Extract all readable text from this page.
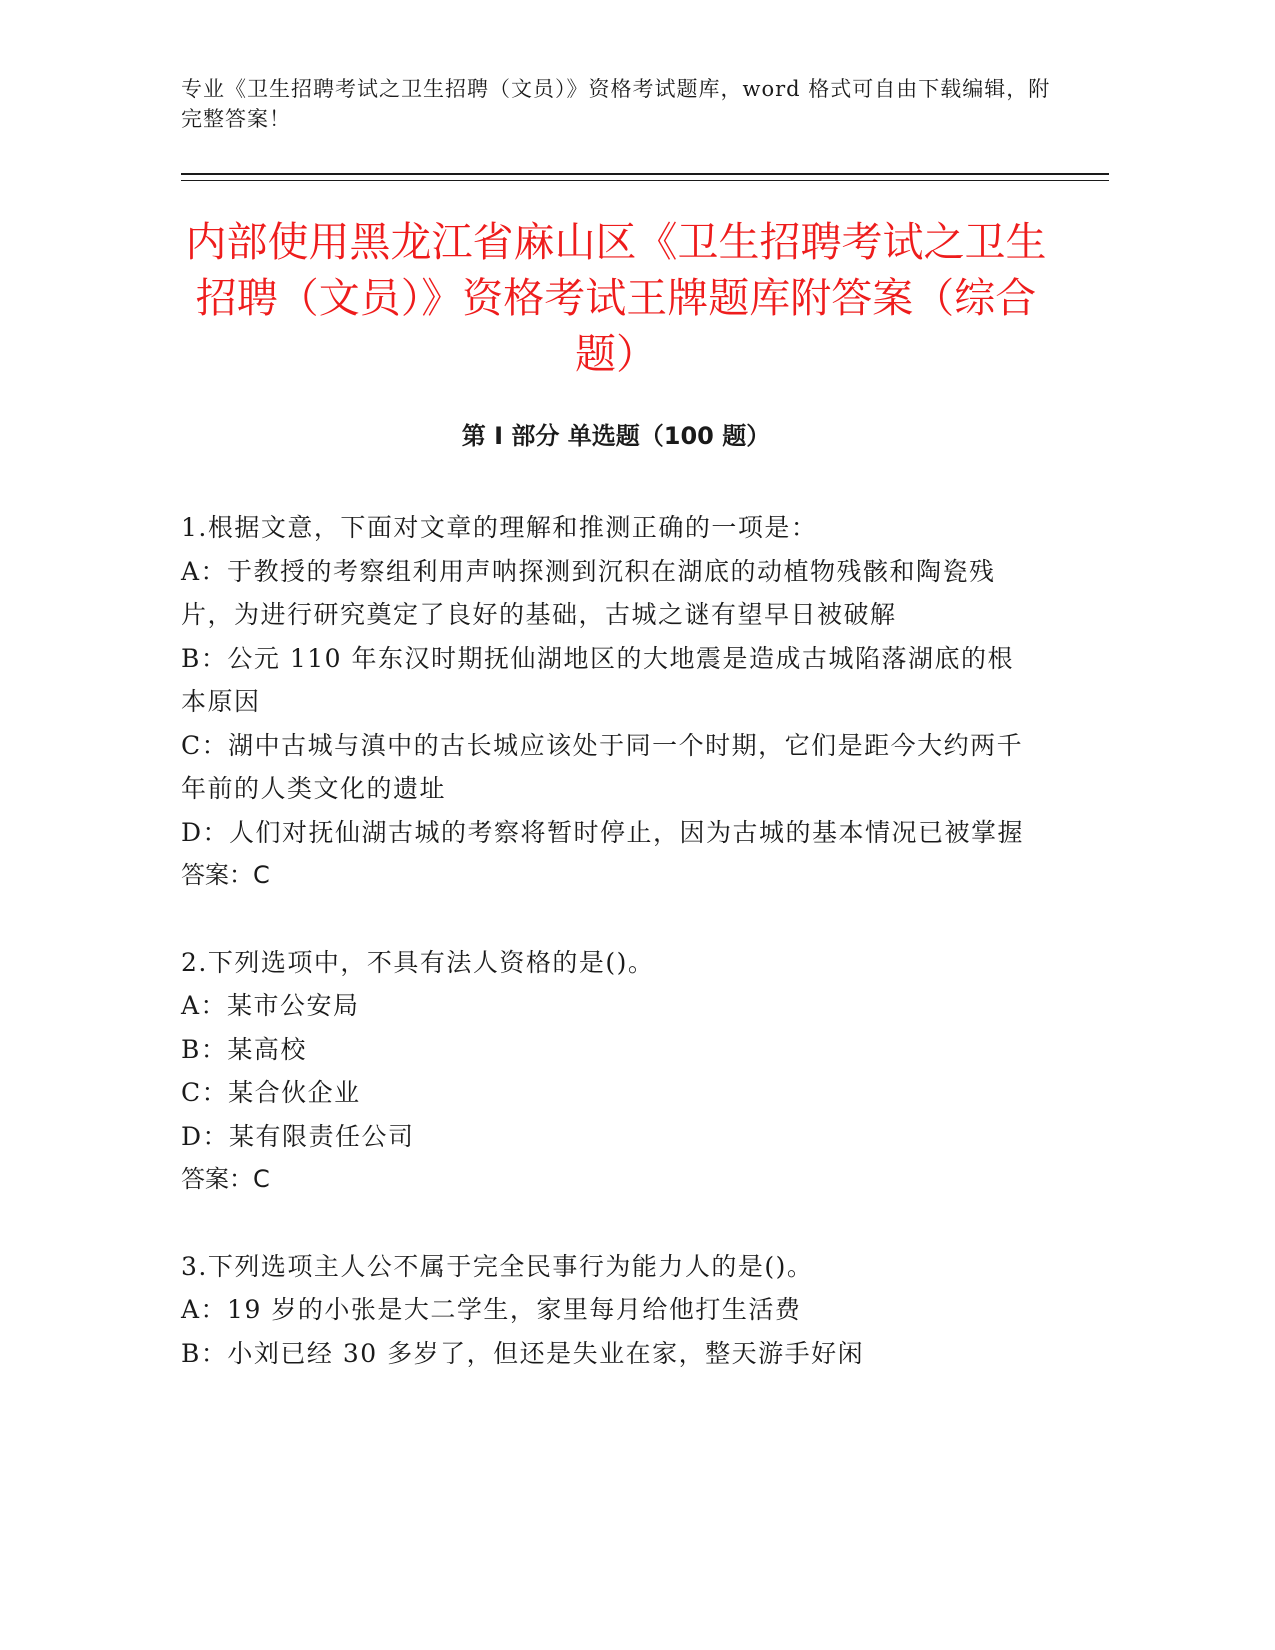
专业《卫生招聘考试之卫生招聘（文员）》资格考试题库，word 格式可自由下载编辑，附完整答案！
内部使用黑龙江省麻山区《卫生招聘考试之卫生招聘（文员）》资格考试王牌题库附答案（综合题）
第 I 部分 单选题（100 题）

1.根据文意，下面对文章的理解和推测正确的一项是：

A：于教授的考察组利用声呐探测到沉积在湖底的动植物残骸和陶瓷残片，为进行研究奠定了良好的基础，古城之谜有望早日被破解

B：公元 110 年东汉时期抚仙湖地区的大地震是造成古城陷落湖底的根本原因

C：湖中古城与滇中的古长城应该处于同一个时期，它们是距今大约两千年前的人类文化的遗址

D：人们对抚仙湖古城的考察将暂时停止，因为古城的基本情况已被掌握

答案：C

2.下列选项中，不具有法人资格的是()。

A：某市公安局

B：某高校

C：某合伙企业

D：某有限责任公司

答案：C

3.下列选项主人公不属于完全民事行为能力人的是()。

A：19 岁的小张是大二学生，家里每月给他打生活费

B：小刘已经 30 多岁了，但还是失业在家，整天游手好闲
